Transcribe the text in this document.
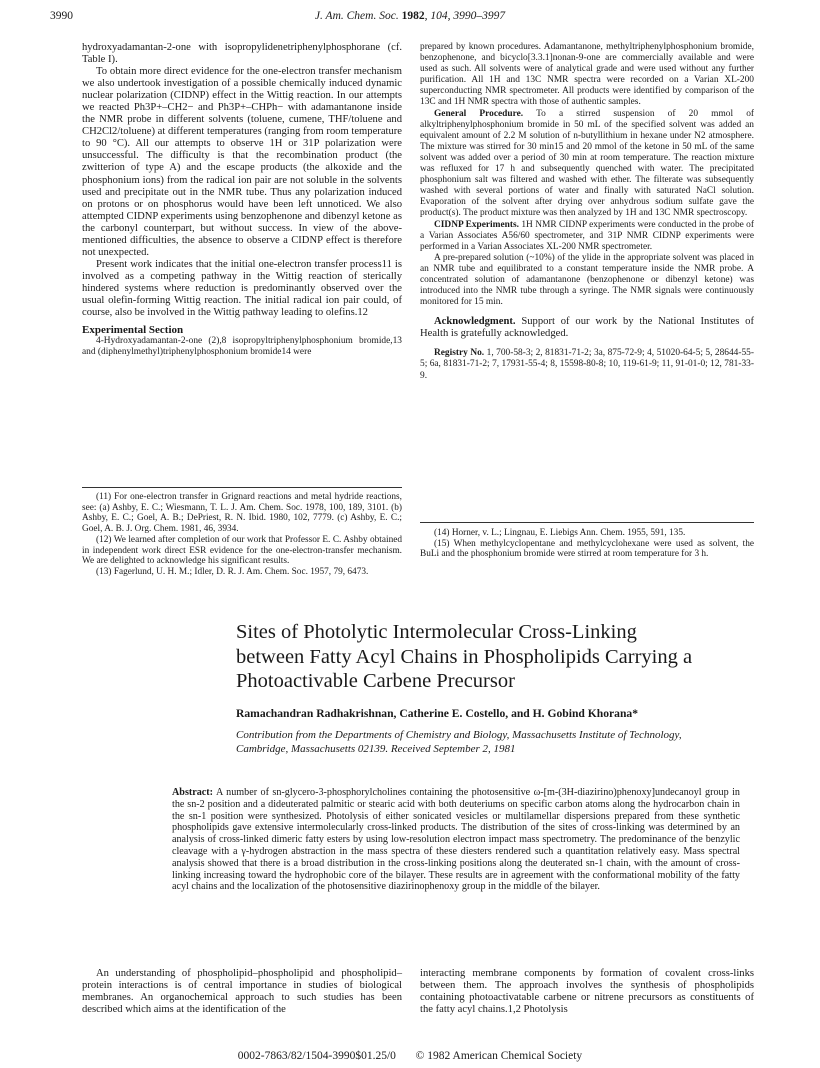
3990	J. Am. Chem. Soc. 1982, 104, 3990–3997

hydroxyadamantan-2-one with isopropylidenetriphenylphosphorane (cf. Table I).

To obtain more direct evidence for the one-electron transfer mechanism we also undertook investigation of a possible chemically induced dynamic nuclear polarization (CIDNP) effect in the Wittig reaction. In our attempts we reacted Ph3P+–CH2− and Ph3P+–CHPh− with adamantanone inside the NMR probe in different solvents (toluene, cumene, THF/toluene and CH2Cl2/toluene) at different temperatures (ranging from room temperature to 90 °C). All our attempts to observe 1H or 31P polarization were unsuccessful. The difficulty is that the recombination product (the zwitterion of type A) and the escape products (the alkoxide and the phosphonium ions) from the radical ion pair are not soluble in the solvents used and precipitate out in the NMR tube. Thus any polarization induced on protons or on phosphorus would have been left unnoticed. We also attempted CIDNP experiments using benzophenone and dibenzyl ketone as the carbonyl counterpart, but without success. In view of the above-mentioned difficulties, the absence to observe a CIDNP effect is therefore not unexpected.

Present work indicates that the initial one-electron transfer process11 is involved as a competing pathway in the Wittig reaction of sterically hindered systems where reduction is predominantly observed over the usual olefin-forming Wittig reaction. The initial radical ion pair could, of course, also be involved in the Wittig pathway leading to olefins.12

Experimental Section

4-Hydroxyadamantan-2-one (2),8 isopropyltriphenylphosphonium bromide,13 and (diphenylmethyl)triphenylphosphonium bromide14 were

(11) For one-electron transfer in Grignard reactions and metal hydride reactions, see: (a) Ashby, E. C.; Wiesmann, T. L. J. Am. Chem. Soc. 1978, 100, 189, 3101. (b) Ashby, E. C.; Goel, A. B.; DePriest, R. N. Ibid. 1980, 102, 7779. (c) Ashby, E. C.; Goel, A. B. J. Org. Chem. 1981, 46, 3934.

(12) We learned after completion of our work that Professor E. C. Ashby obtained in independent work direct ESR evidence for the one-electron-transfer mechanism. We are delighted to acknowledge his significant results.

(13) Fagerlund, U. H. M.; Idler, D. R. J. Am. Chem. Soc. 1957, 79, 6473.

prepared by known procedures. Adamantanone, methyltriphenylphosphonium bromide, benzophenone, and bicyclo[3.3.1]nonan-9-one are commercially available and were used as such. All solvents were of analytical grade and were used without any further purification. All 1H and 13C NMR spectra were recorded on a Varian XL-200 superconducting NMR spectrometer. All products were identified by comparison of the 13C and 1H NMR spectra with those of authentic samples.

General Procedure. To a stirred suspension of 20 mmol of alkyltriphenylphosphonium bromide in 50 mL of the specified solvent was added an equivalent amount of 2.2 M solution of n-butyllithium in hexane under N2 atmosphere. The mixture was stirred for 30 min15 and 20 mmol of the ketone in 50 mL of the same solvent was added over a period of 30 min at room temperature. The reaction mixture was refluxed for 17 h and subsequently quenched with water. The precipitated phosphonium salt was filtered and washed with ether. The filterate was subsequently washed with several portions of water and finally with saturated NaCl solution. Evaporation of the solvent after drying over anhydrous sodium sulfate gave the product(s). The product mixture was then analyzed by 1H and 13C NMR spectroscopy.

CIDNP Experiments. 1H NMR CIDNP experiments were conducted in the probe of a Varian Associates A56/60 spectrometer, and 31P NMR CIDNP experiments were performed in a Varian Associates XL-200 NMR spectrometer.

A pre-prepared solution (~10%) of the ylide in the appropriate solvent was placed in an NMR tube and equilibrated to a constant temperature inside the NMR probe. A concentrated solution of adamantanone (benzophenone or dibenzyl ketone) was introduced into the NMR tube through a syringe. The NMR signals were continuously monitored for 15 min.

Acknowledgment. Support of our work by the National Institutes of Health is gratefully acknowledged.

Registry No. 1, 700-58-3; 2, 81831-71-2; 3a, 875-72-9; 4, 51020-64-5; 5, 28644-55-5; 6a, 81831-71-2; 7, 17931-55-4; 8, 15598-80-8; 10, 119-61-9; 11, 91-01-0; 12, 781-33-9.

(14) Horner, v. L.; Lingnau, E. Liebigs Ann. Chem. 1955, 591, 135.

(15) When methylcyclopentane and methylcyclohexane were used as solvent, the BuLi and the phosphonium bromide were stirred at room temperature for 3 h.

Sites of Photolytic Intermolecular Cross-Linking between Fatty Acyl Chains in Phospholipids Carrying a Photoactivable Carbene Precursor
Ramachandran Radhakrishnan, Catherine E. Costello, and H. Gobind Khorana*
Contribution from the Departments of Chemistry and Biology, Massachusetts Institute of Technology, Cambridge, Massachusetts 02139. Received September 2, 1981
Abstract: A number of sn-glycero-3-phosphorylcholines containing the photosensitive ω-[m-(3H-diazirino)phenoxy]undecanoyl group in the sn-2 position and a dideuterated palmitic or stearic acid with both deuteriums on specific carbon atoms along the hydrocarbon chain in the sn-1 position were synthesized. Photolysis of either sonicated vesicles or multilamellar dispersions prepared from these synthetic phospholipids gave extensive intermolecularly cross-linked products. The distribution of the sites of cross-linking was determined by an analysis of cross-linked dimeric fatty esters by using low-resolution electron impact mass spectrometry. The predominance of the benzylic cleavage with a γ-hydrogen abstraction in the mass spectra of these diesters rendered such a quantitation relatively easy. Mass spectral analysis showed that there is a broad distribution in the cross-linking positions along the deuterated sn-1 chain, with the amount of cross-linking increasing toward the hydrophobic core of the bilayer. These results are in agreement with the conformational mobility of the fatty acyl chains and the localization of the photosensitive diazirinophenoxy group in the middle of the bilayer.

An understanding of phospholipid–phospholipid and phospholipid–protein interactions is of central importance in studies of biological membranes. An organochemical approach to such studies has been described which aims at the identification of the

interacting membrane components by formation of covalent cross-links between them. The approach involves the synthesis of phospholipids containing photoactivatable carbene or nitrene precursors as constituents of the fatty acyl chains.1,2 Photolysis

0002-7863/82/1504-3990$01.25/0 © 1982 American Chemical Society
